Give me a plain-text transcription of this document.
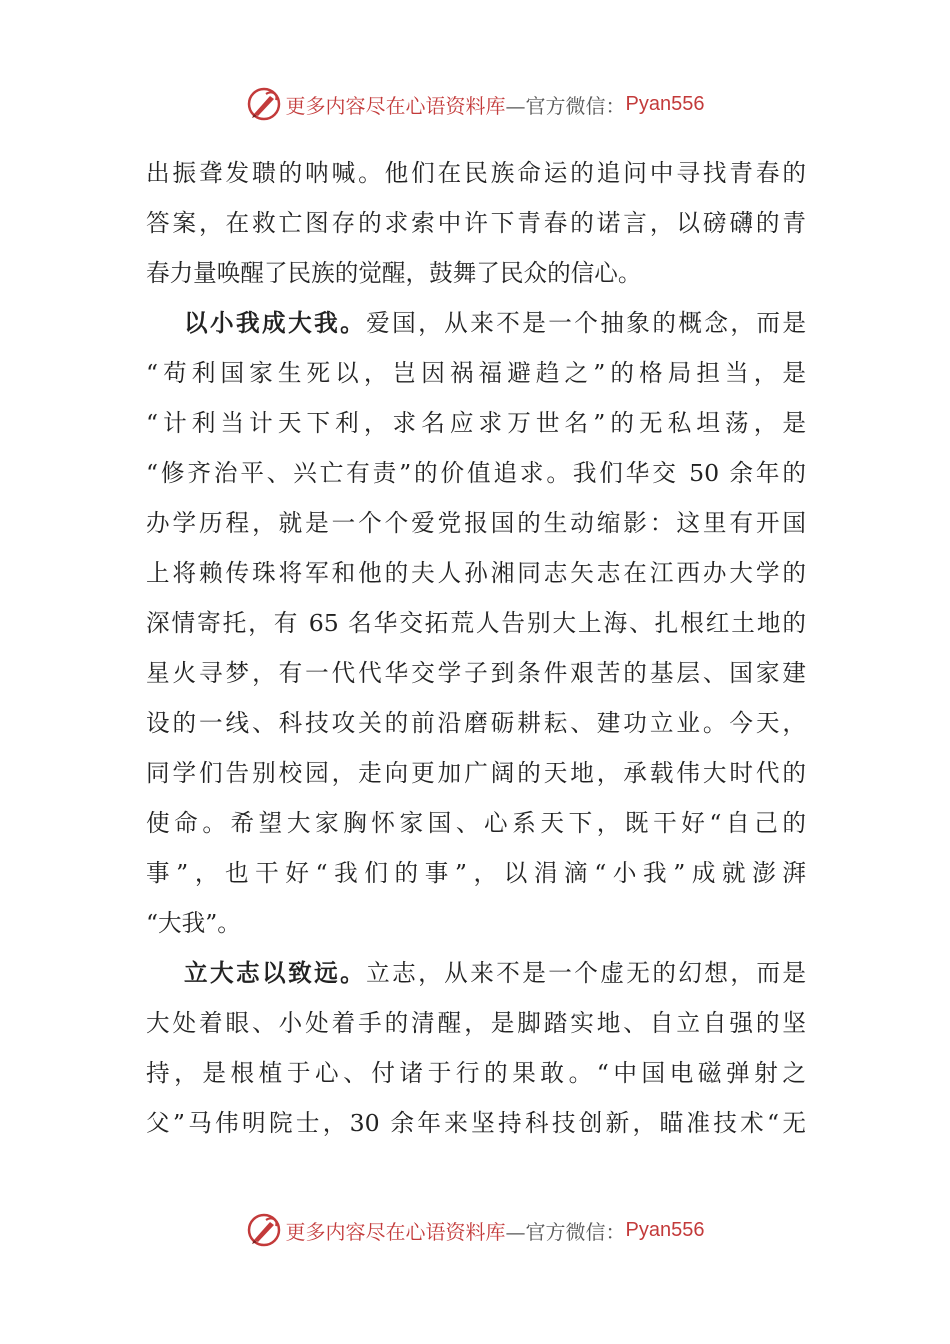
更多内容尽在心语资料库 —官方微信： Pyan556
出振聋发聩的呐喊。他们在民族命运的追问中寻找青春的
答案，在救亡图存的求索中许下青春的诺言，以磅礴的青
春力量唤醒了民族的觉醒，鼓舞了民众的信心。
以小我成大我。爱国，从来不是一个抽象的概念，而是
“苟利国家生死以，岂因祸福避趋之”的格局担当，是
“计利当计天下利，求名应求万世名”的无私坦荡，是
“修齐治平、兴亡有责”的价值追求。我们华交 50 余年的
办学历程，就是一个个爱党报国的生动缩影：这里有开国
上将赖传珠将军和他的夫人孙湘同志矢志在江西办大学的
深情寄托，有 65 名华交拓荒人告别大上海、扎根红土地的
星火寻梦，有一代代华交学子到条件艰苦的基层、国家建
设的一线、科技攻关的前沿磨砺耕耘、建功立业。今天，
同学们告别校园，走向更加广阔的天地，承载伟大时代的
使命。希望大家胸怀家国、心系天下，既干好“自己的
事”，也干好“我们的事”，以涓滴“小我”成就澎湃
“大我”。
立大志以致远。立志，从来不是一个虚无的幻想，而是
大处着眼、小处着手的清醒，是脚踏实地、自立自强的坚
持，是根植于心、付诸于行的果敢。“中国电磁弹射之
父”马伟明院士，30 余年来坚持科技创新，瞄准技术“无
更多内容尽在心语资料库 —官方微信： Pyan556
